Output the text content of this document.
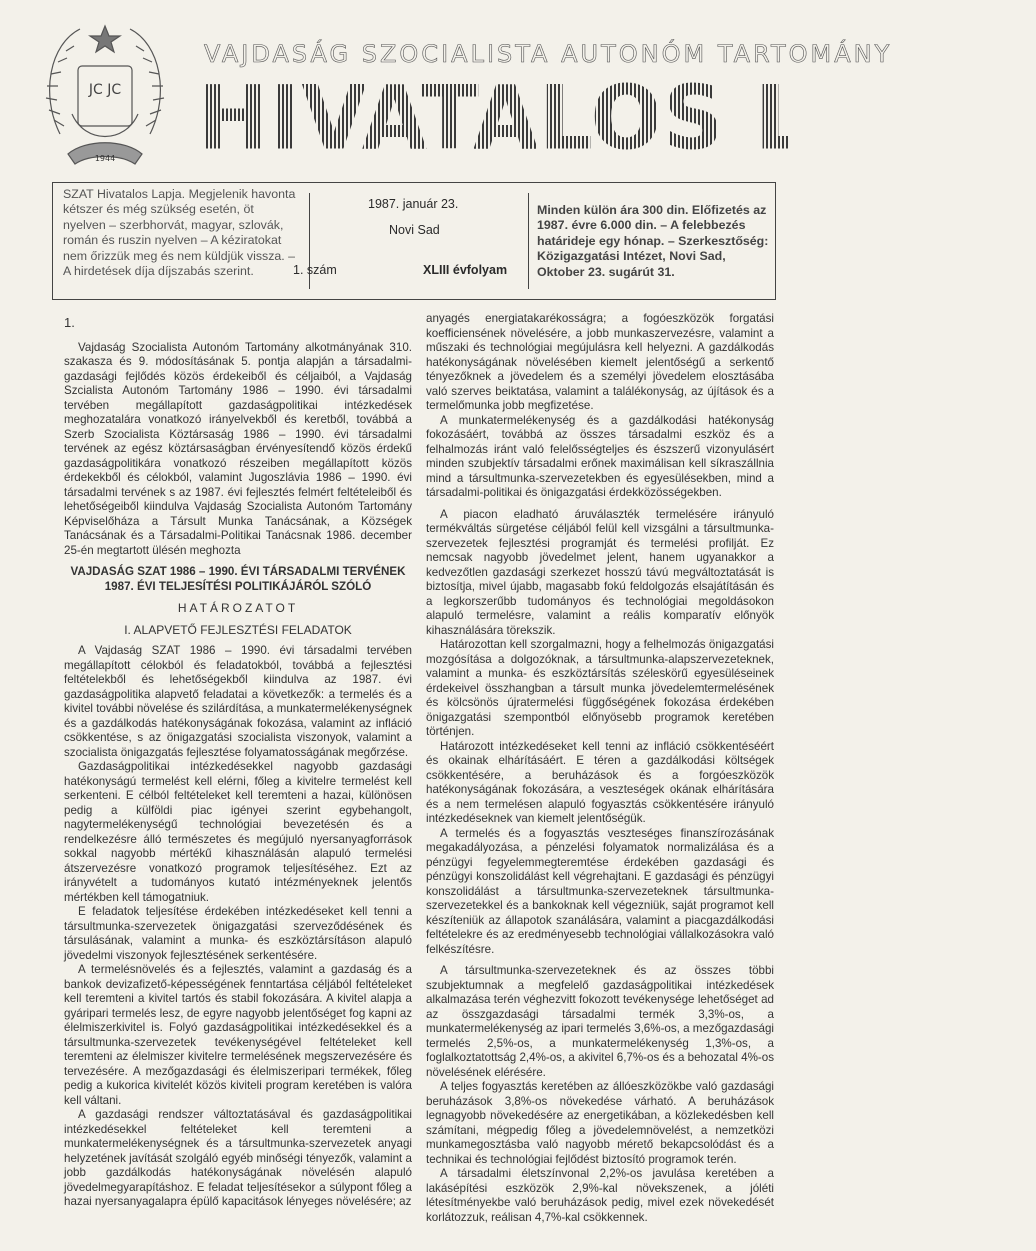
JC JC
1944
VAJDASÁG SZOCIALISTA AUTONÓM TARTOMÁNY
HIVATALOS LAPJA
SZAT Hivatalos Lapja. Megjelenik havonta kétszer és még szükség esetén, öt nyelven – szerbhorvát, magyar, szlovák, román és ruszin nyelven – A kéziratokat nem őrizzük meg és nem küldjük vissza. – A hirdetések díja díjszabás szerint.
1987. január 23.
Novi Sad
1. szám	XLIII évfolyam
Minden külön ára 300 din. Előfizetés az 1987. évre 6.000 din. – A felebbezés határideje egy hónap. – Szerkesztőség: Közigazgatási Intézet, Novi Sad, Oktober 23. sugárút 31.

1.

Vajdaság Szocialista Autonóm Tartomány alkotmányának 310. szakasza és 9. módosításának 5. pontja alapján a társadalmi-gazdasági fejlődés közös érdekeiből és céljaiból, a Vajdaság Szcialista Autonóm Tartomány 1986 – 1990. évi társadalmi tervében megállapított gazdaságpolitikai intézkedések meghozatalára vonatkozó irányelvekből és keretből, továbbá a Szerb Szocialista Köztársaság 1986 – 1990. évi társadalmi tervének az egész köztársaságban érvényesítendő közös érdekű gazdaságpolitikára vonatkozó részeiben megállapított közös érdekekből és célokból, valamint Jugoszlávia 1986 – 1990. évi társadalmi tervének s az 1987. évi fejlesztés felmért feltételeiből és lehetőségeiből kiindulva Vajdaság Szocialista Autonóm Tartomány Képviselőháza a Társult Munka Tanácsának, a Községek Tanácsának és a Társadalmi-Politikai Tanácsnak 1986. december 25-én megtartott ülésén meghozta

VAJDASÁG SZAT 1986 – 1990. ÉVI TÁRSADALMI TERVÉNEK 1987. ÉVI TELJESÍTÉSI POLITIKÁJÁRÓL SZÓLÓ

HATÁROZATOT

I. ALAPVETŐ FEJLESZTÉSI FELADATOK

A Vajdaság SZAT 1986 – 1990. évi társadalmi tervében megállapított célokból és feladatokból, továbbá a fejlesztési feltételekből és lehetőségekből kiindulva az 1987. évi gazdaságpolitika alapvető feladatai a következők: a termelés és a kivitel további növelése és szilárdítása, a munkatermelékenységnek és a gazdálkodás hatékonyságának fokozása, valamint az infláció csökkentése, s az önigazgatási szocialista viszonyok, valamint a szocialista önigazgatás fejlesztése folyamatosságának megőrzése.

Gazdaságpolitikai intézkedésekkel nagyobb gazdasági hatékonyságú termelést kell elérni, főleg a kivitelre termelést kell serkenteni. E célból feltételeket kell teremteni a hazai, különösen pedig a külföldi piac igényei szerint egybehangolt, nagytermelékenységű technológiai bevezetésén és a rendelkezésre álló természetes és megújuló nyersanyagforrások sokkal nagyobb mértékű kihasználásán alapuló termelési átszervezésre vonatkozó programok teljesítéséhez. Ezt az irányvételt a tudományos kutató intézményeknek jelentős mértékben kell támogatniuk.

E feladatok teljesítése érdekében intézkedéseket kell tenni a társultmunka-szervezetek önigazgatási szerveződésének és társulásának, valamint a munka- és eszköztársításon alapuló jövedelmi viszonyok fejlesztésének serkentésére.

A termelésnövelés és a fejlesztés, valamint a gazdaság és a bankok devizafizető-képességének fenntartása céljából feltételeket kell teremteni a kivitel tartós és stabil fokozására. A kivitel alapja a gyáripari termelés lesz, de egyre nagyobb jelentőséget fog kapni az élelmiszerkivitel is. Folyó gazdaságpolitikai intézkedésekkel és a társultmunka-szervezetek tevékenységével feltételeket kell teremteni az élelmiszer kivitelre termelésének megszervezésére és tervezésére. A mezőgazdasági és élelmiszeripari termékek, főleg pedig a kukorica kivitelét közös kiviteli program keretében is valóra kell váltani.

A gazdasági rendszer változtatásával és gazdaságpolitikai intézkedésekkel feltételeket kell teremteni a munkatermelékenységnek és a társultmunka-szervezetek anyagi helyzetének javítását szolgáló egyéb minőségi tényezők, valamint a jobb gazdálkodás hatékonyságának növelésén alapuló jövedelmegyarapításhoz. E feladat teljesítésekor a súlypont főleg a hazai nyersanyagalapra épülő kapacitások lényeges növelésére; az

anyagés energiatakarékosságra; a fogóeszközök forgatási koefficiensének növelésére, a jobb munkaszervezésre, valamint a műszaki és technológiai megújulásra kell helyezni. A gazdálkodás hatékonyságának növelésében kiemelt jelentőségű a serkentő tényezőknek a jövedelem és a személyi jövedelem elosztásába való szerves beiktatása, valamint a találékonyság, az újítások és a termelőmunka jobb megfizetése.

A munkatermelékenység és a gazdálkodási hatékonyság fokozásáért, továbbá az összes társadalmi eszköz és a felhalmozás iránt való felelősségteljes és észszerű vizonyulásért minden szubjektív társadalmi erőnek maximálisan kell síkraszállnia mind a társultmunka-szervezetekben és egyesülésekben, mind a társadalmi-politikai és önigazgatási érdekközösségekben.

A piacon eladható áruválaszték termelésére irányuló termékváltás sürgetése céljából felül kell vizsgálni a társultmunka-szervezetek fejlesztési programját és termelési profilját. Ez nemcsak nagyobb jövedelmet jelent, hanem ugyanakkor a kedvezőtlen gazdasági szerkezet hosszú távú megváltoztatását is biztosítja, mivel újabb, magasabb fokú feldolgozás elsajátításán és a legkorszerűbb tudományos és technológiai megoldásokon alapuló termelésre, valamint a reális komparatív előnyök kihasználására törekszik.

Határozottan kell szorgalmazni, hogy a felhelmozás önigazgatási mozgósítása a dolgozóknak, a társultmunka-alapszervezeteknek, valamint a munka- és eszköztársítás széleskörű egyesüléseinek érdekeivel összhangban a társult munka jövedelemtermelésének és kölcsönös újratermelési függőségének fokozása érdekében önigazgatási szempontból előnyösebb programok keretében történjen.

Határozott intézkedéseket kell tenni az infláció csökkentéséért és okainak elhárításáért. E téren a gazdálkodási költségek csökkentésére, a beruházások és a forgóeszközök hatékonyságának fokozására, a veszteségek okának elhárítására és a nem termelésen alapuló fogyasztás csökkentésére irányuló intézkedéseknek van kiemelt jelentőségük.

A termelés és a fogyasztás veszteséges finanszírozásának megakadályozása, a pénzelési folyamatok normalizálása és a pénzügyi fegyelemmegteremtése érdekében gazdasági és pénzügyi konszolidálást kell végrehajtani. E gazdasági és pénzügyi konszolidálást a társultmunka-szervezeteknek társultmunka-szervezetekkel és a bankoknak kell végezniük, saját programot kell készíteniük az állapotok szanálására, valamint a piacgazdálkodási feltételekre és az eredményesebb technológiai vállalkozásokra való felkészítésre.

A társultmunka-szervezeteknek és az összes többi szubjektumnak a megfelelő gazdaságpolitikai intézkedések alkalmazása terén véghezvitt fokozott tevékenysége lehetőséget ad az összgazdasági társadalmi termék 3,3%-os, a munkatermelékenység az ipari termelés 3,6%-os, a mezőgazdasági termelés 2,5%-os, a munkatermelékenység 1,3%-os, a foglalkoztatottság 2,4%-os, a akivitel 6,7%-os és a behozatal 4%-os növelésének elérésére.

A teljes fogyasztás keretében az állóeszközökbe való gazdasági beruházások 3,8%-os növekedése várható. A beruházások legnagyobb növekedésére az energetikában, a közlekedésben kell számítani, mégpedig főleg a jövedelemnövelést, a nemzetközi munkamegosztásba való nagyobb mérető bekapcsolódást és a technikai és technológiai fejlődést biztosító programok terén.

A társadalmi életszínvonal 2,2%-os javulása keretében a lakásépítési eszközök 2,9%-kal növekszenek, a jóléti létesítményekbe való beruházások pedig, mivel ezek növekedését korlátozzuk, reálisan 4,7%-kal csökkennek.
